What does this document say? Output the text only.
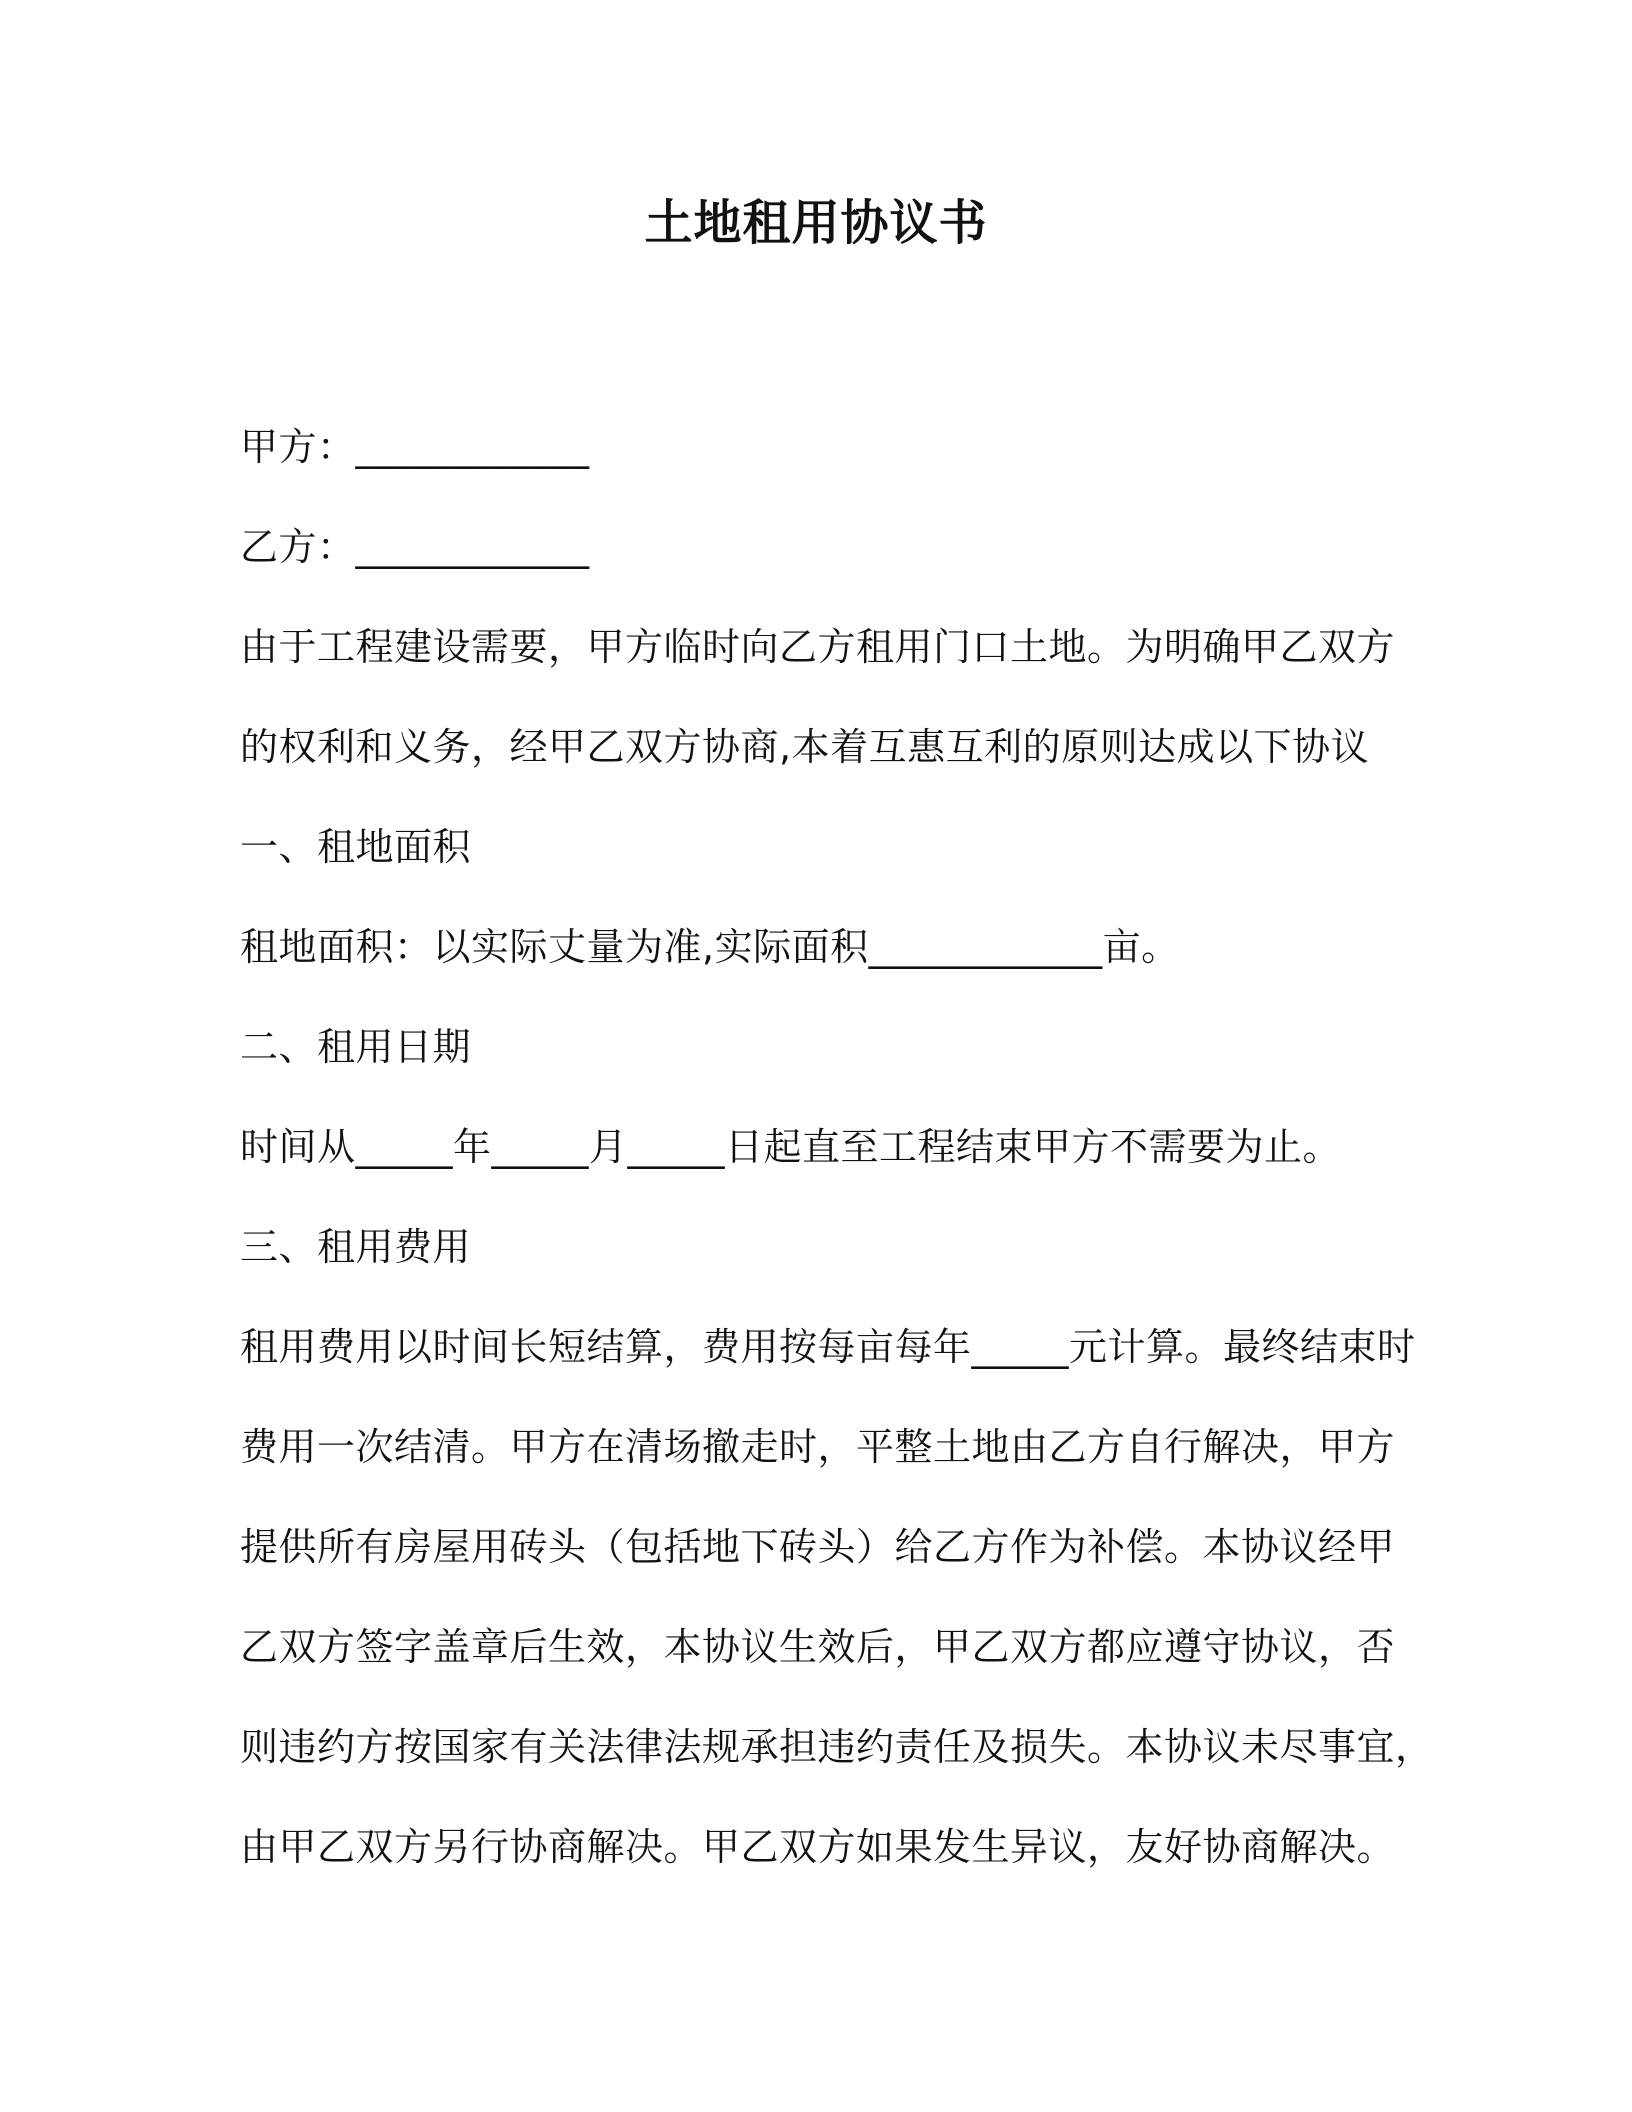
土地租用协议书

甲方：____________

乙方：____________

由于工程建设需要，甲方临时向乙方租用门口土地。为明确甲乙双方

的权利和义务，经甲乙双方协商,本着互惠互利的原则达成以下协议

一、租地面积

租地面积：以实际丈量为准,实际面积____________亩。

二、租用日期

时间从_____年_____月_____日起直至工程结束甲方不需要为止。

三、租用费用

租用费用以时间长短结算，费用按每亩每年_____元计算。最终结束时

费用一次结清。甲方在清场撤走时，平整土地由乙方自行解决，甲方

提供所有房屋用砖头（包括地下砖头）给乙方作为补偿。本协议经甲

乙双方签字盖章后生效，本协议生效后，甲乙双方都应遵守协议，否

则违约方按国家有关法律法规承担违约责任及损失。本协议未尽事宜，

由甲乙双方另行协商解决。甲乙双方如果发生异议，友好协商解决。
